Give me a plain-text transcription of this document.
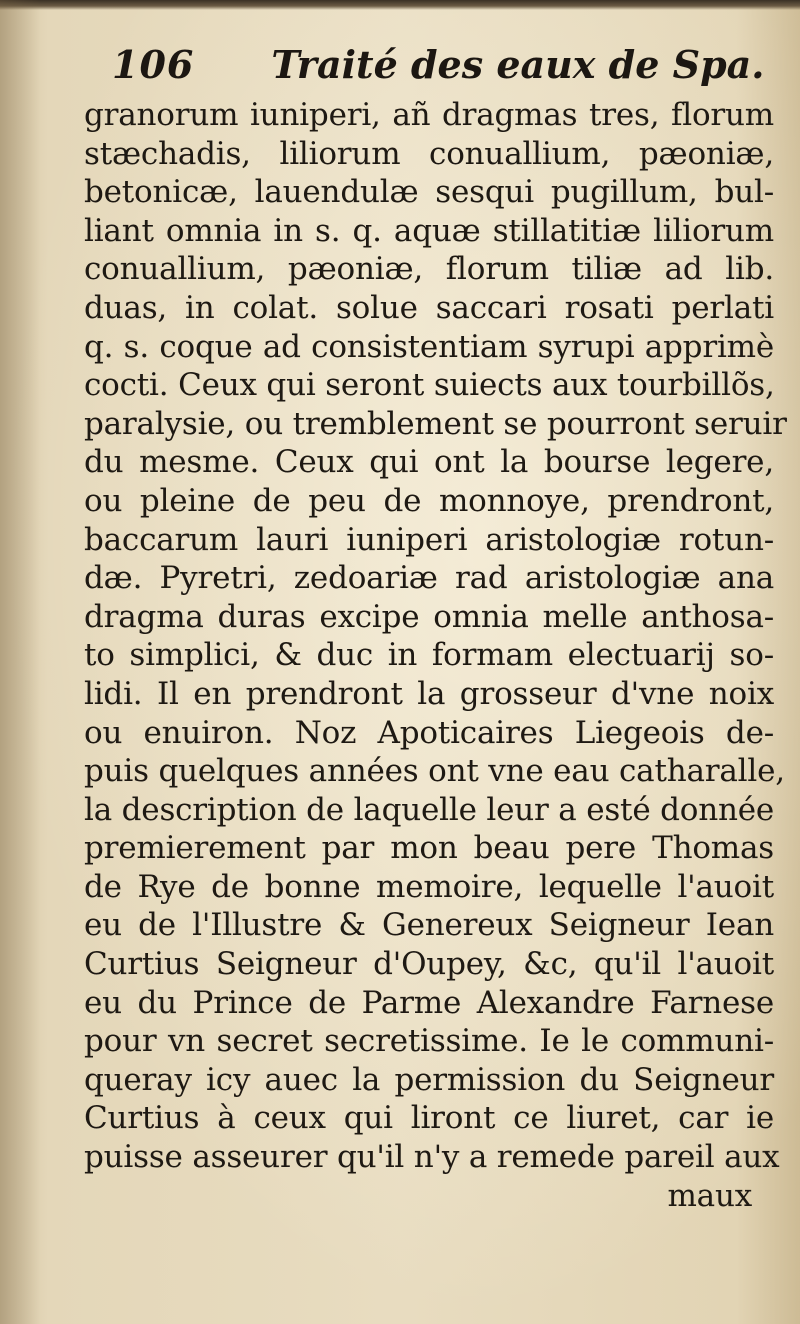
106 Traité des eaux de Spa.
granorum iuniperi, añ dragmas tres, florum
stæchadis, liliorum conuallium, pæoniæ,
betonicæ, lauendulæ sesqui pugillum, bul-
liant omnia in s. q. aquæ stillatitiæ liliorum
conuallium, pæoniæ, florum tiliæ ad lib.
duas, in colat. solue saccari rosati perlati
q. s. coque ad consistentiam syrupi apprimè
cocti. Ceux qui seront suiects aux tourbillõs,
paralysie, ou tremblement se pourront seruir
du mesme. Ceux qui ont la bourse legere,
ou pleine de peu de monnoye, prendront,
baccarum lauri iuniperi aristologiæ rotun-
dæ. Pyretri, zedoariæ rad aristologiæ ana
dragma duras excipe omnia melle anthosa-
to simplici, & duc in formam electuarij so-
lidi. Il en prendront la grosseur d'vne noix
ou enuiron. Noz Apoticaires Liegeois de-
puis quelques années ont vne eau catharalle,
la description de laquelle leur a esté donnée
premierement par mon beau pere Thomas
de Rye de bonne memoire, lequelle l'auoit
eu de l'Illustre & Genereux Seigneur Iean
Curtius Seigneur d'Oupey, &c, qu'il l'auoit
eu du Prince de Parme Alexandre Farnese
pour vn secret secretissime. Ie le communi-
queray icy auec la permission du Seigneur
Curtius à ceux qui liront ce liuret, car ie
puisse asseurer qu'il n'y a remede pareil aux
maux
